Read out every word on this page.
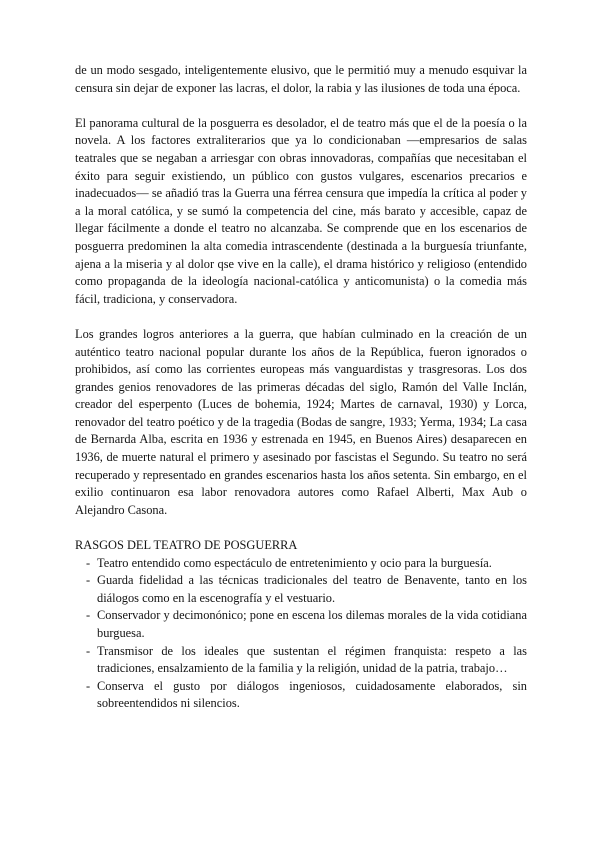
de un modo sesgado, inteligentemente elusivo, que le permitió muy a menudo esquivar la censura sin dejar de exponer las lacras, el dolor, la rabia y las ilusiones de toda una época.

El panorama cultural de la posguerra es desolador, el de teatro más que el de la poesía o la novela. A los factores extraliterarios que ya lo condicionaban —empresarios de salas teatrales que se negaban a arriesgar con obras innovadoras, compañías que necesitaban el éxito para seguir existiendo, un público con gustos vulgares, escenarios precarios e inadecuados— se añadió tras la Guerra una férrea censura que impedía la crítica al poder y a la moral católica, y se sumó la competencia del cine, más barato y accesible, capaz de llegar fácilmente a donde el teatro no alcanzaba. Se comprende que en los escenarios de posguerra predominen la alta comedia intrascendente (destinada a la burguesía triunfante, ajena a la miseria y al dolor qse vive en la calle), el drama histórico y religioso (entendido como propaganda de la ideología nacional-católica y anticomunista) o la comedia más fácil, tradiciona, y conservadora.

Los grandes logros anteriores a la guerra, que habían culminado en la creación de un auténtico teatro nacional popular durante los años de la República, fueron ignorados o prohibidos, así como las corrientes europeas más vanguardistas y trasgresoras. Los dos grandes genios renovadores de las primeras décadas del siglo, Ramón del Valle Inclán, creador del esperpento (Luces de bohemia, 1924; Martes de carnaval, 1930) y Lorca, renovador del teatro poético y de la tragedia (Bodas de sangre, 1933; Yerma, 1934; La casa de Bernarda Alba, escrita en 1936 y estrenada en 1945, en Buenos Aires) desaparecen en 1936, de muerte natural el primero y asesinado por fascistas el Segundo. Su teatro no será recuperado y representado en grandes escenarios hasta los años setenta. Sin embargo, en el exilio continuaron esa labor renovadora autores como Rafael Alberti, Max Aub o Alejandro Casona.

RASGOS DEL TEATRO DE POSGUERRA

- Teatro entendido como espectáculo de entretenimiento y ocio para la burguesía.
- Guarda fidelidad a las técnicas tradicionales del teatro de Benavente, tanto en los diálogos como en la escenografía y el vestuario.
- Conservador y decimonónico; pone en escena los dilemas morales de la vida cotidiana burguesa.
- Transmisor de los ideales que sustentan el régimen franquista: respeto a las tradiciones, ensalzamiento de la familia y la religión, unidad de la patria, trabajo…
- Conserva el gusto por diálogos ingeniosos, cuidadosamente elaborados, sin sobreentendidos ni silencios.
